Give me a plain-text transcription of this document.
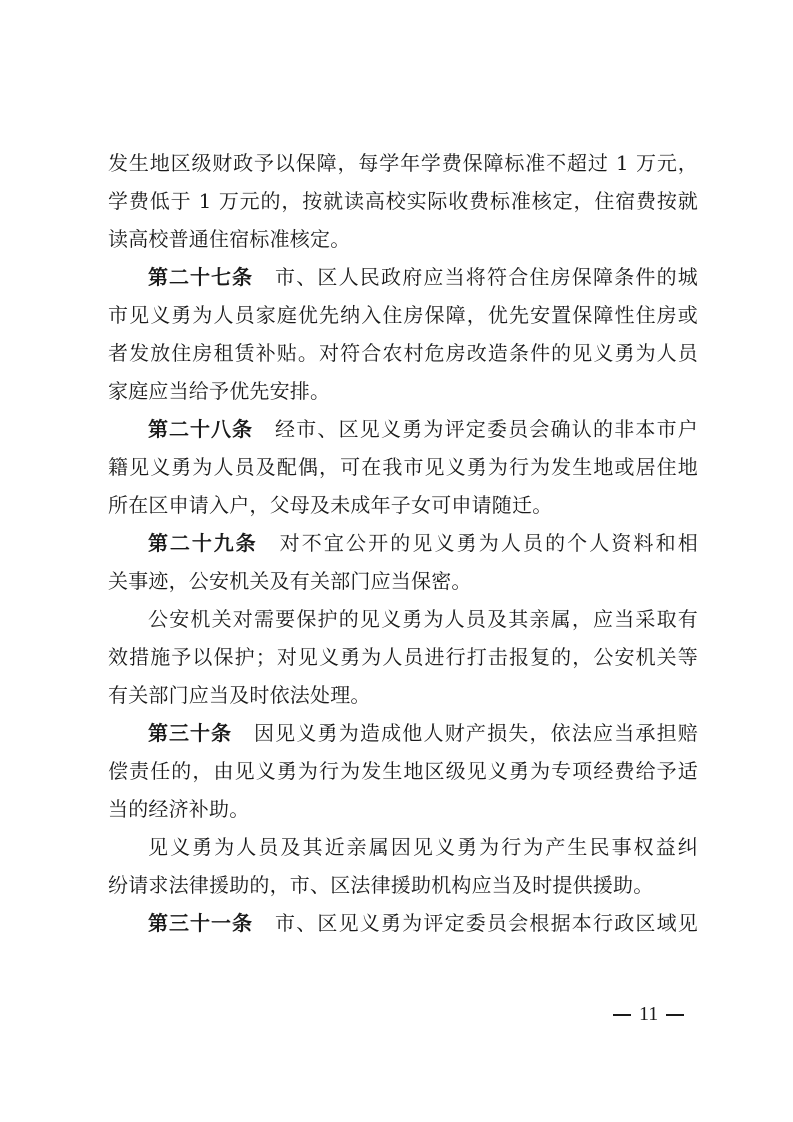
发生地区级财政予以保障，每学年学费保障标准不超过 1 万元，
学费低于 1 万元的，按就读高校实际收费标准核定，住宿费按就
读高校普通住宿标准核定。
第二十七条 市、区人民政府应当将符合住房保障条件的城
市见义勇为人员家庭优先纳入住房保障，优先安置保障性住房或
者发放住房租赁补贴。对符合农村危房改造条件的见义勇为人员
家庭应当给予优先安排。
第二十八条 经市、区见义勇为评定委员会确认的非本市户
籍见义勇为人员及配偶，可在我市见义勇为行为发生地或居住地
所在区申请入户，父母及未成年子女可申请随迁。
第二十九条 对不宜公开的见义勇为人员的个人资料和相
关事迹，公安机关及有关部门应当保密。
公安机关对需要保护的见义勇为人员及其亲属，应当采取有
效措施予以保护；对见义勇为人员进行打击报复的，公安机关等
有关部门应当及时依法处理。
第三十条 因见义勇为造成他人财产损失，依法应当承担赔
偿责任的，由见义勇为行为发生地区级见义勇为专项经费给予适
当的经济补助。
见义勇为人员及其近亲属因见义勇为行为产生民事权益纠
纷请求法律援助的，市、区法律援助机构应当及时提供援助。
第三十一条 市、区见义勇为评定委员会根据本行政区域见
11
